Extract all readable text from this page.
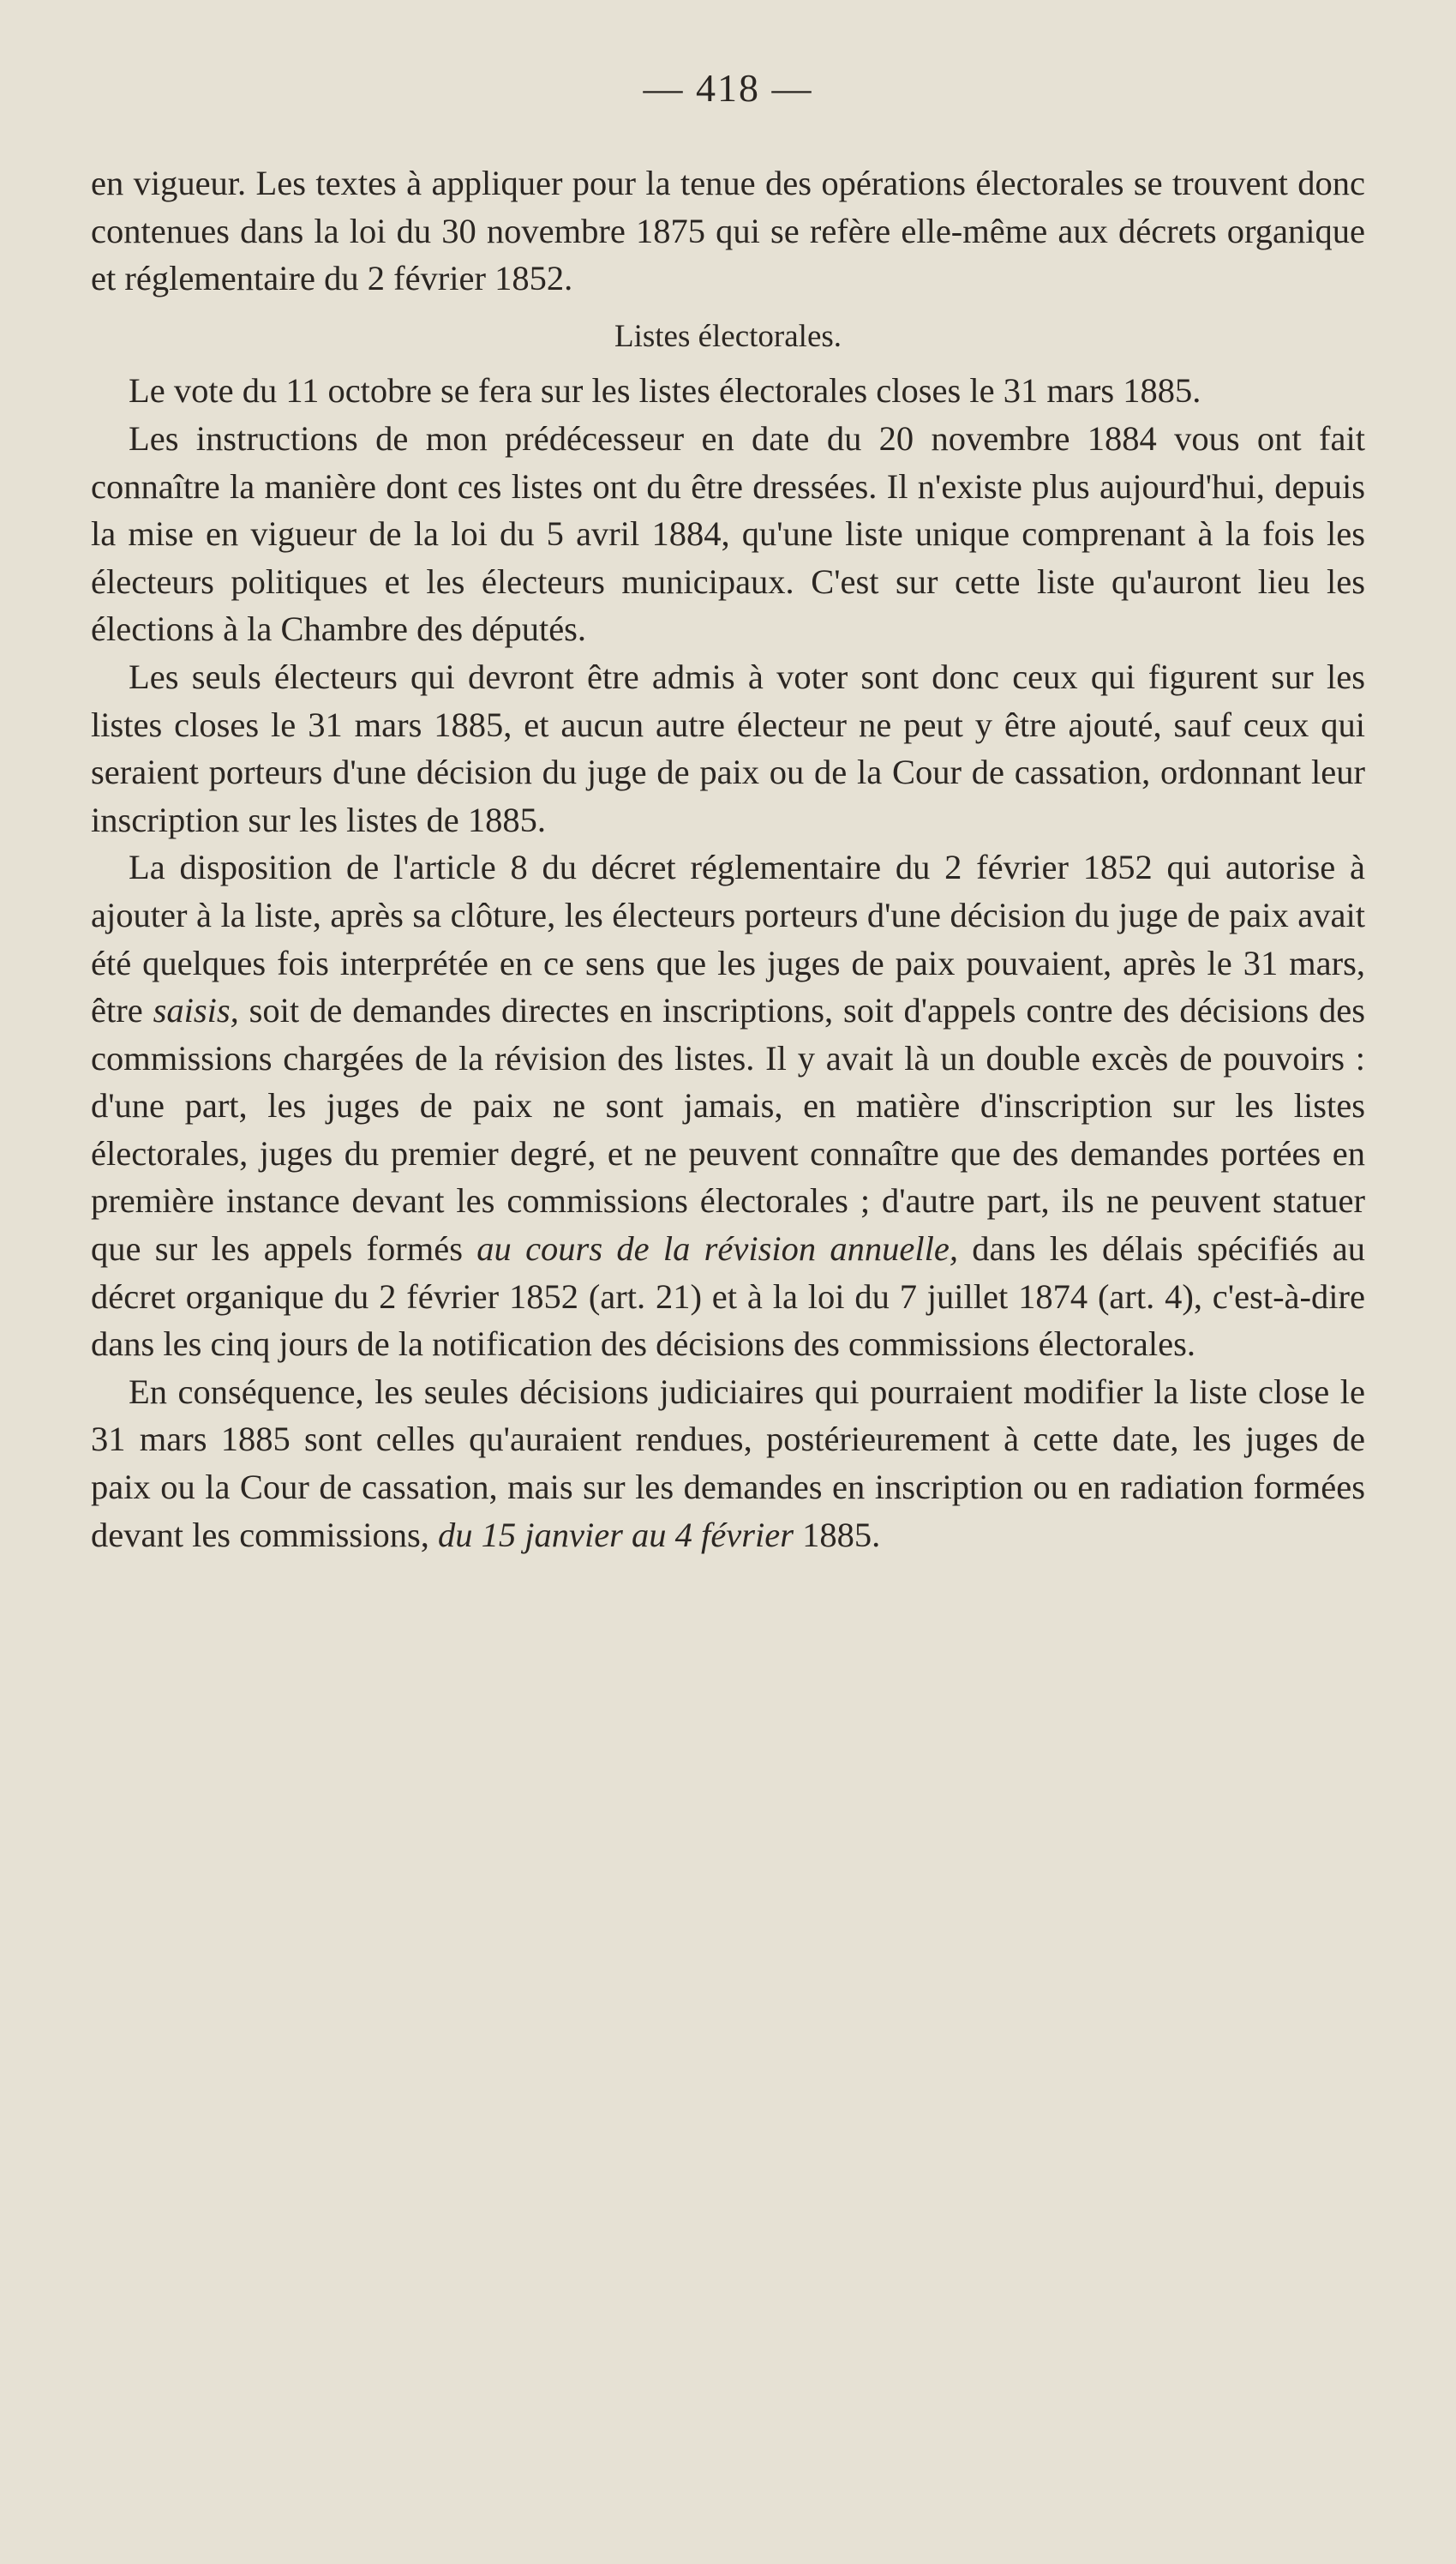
— 418 —

en vigueur. Les textes à appliquer pour la tenue des opérations électorales se trouvent donc contenues dans la loi du 30 novembre 1875 qui se refère elle-même aux décrets organique et réglementaire du 2 février 1852.

Listes électorales.

Le vote du 11 octobre se fera sur les listes électorales closes le 31 mars 1885.

Les instructions de mon prédécesseur en date du 20 novembre 1884 vous ont fait connaître la manière dont ces listes ont du être dressées. Il n'existe plus aujourd'hui, depuis la mise en vigueur de la loi du 5 avril 1884, qu'une liste unique comprenant à la fois les électeurs politiques et les électeurs municipaux. C'est sur cette liste qu'auront lieu les élections à la Chambre des députés.

Les seuls électeurs qui devront être admis à voter sont donc ceux qui figurent sur les listes closes le 31 mars 1885, et aucun autre électeur ne peut y être ajouté, sauf ceux qui seraient porteurs d'une décision du juge de paix ou de la Cour de cassation, ordonnant leur inscription sur les listes de 1885.

La disposition de l'article 8 du décret réglementaire du 2 février 1852 qui autorise à ajouter à la liste, après sa clôture, les électeurs porteurs d'une décision du juge de paix avait été quelques fois interprétée en ce sens que les juges de paix pouvaient, après le 31 mars, être saisis, soit de demandes directes en inscriptions, soit d'appels contre des décisions des commissions chargées de la révision des listes. Il y avait là un double excès de pouvoirs : d'une part, les juges de paix ne sont jamais, en matière d'inscription sur les listes électorales, juges du premier degré, et ne peuvent connaître que des demandes portées en première instance devant les commissions électorales ; d'autre part, ils ne peuvent statuer que sur les appels formés au cours de la révision annuelle, dans les délais spécifiés au décret organique du 2 février 1852 (art. 21) et à la loi du 7 juillet 1874 (art. 4), c'est-à-dire dans les cinq jours de la notification des décisions des commissions électorales.

En conséquence, les seules décisions judiciaires qui pourraient modifier la liste close le 31 mars 1885 sont celles qu'auraient rendues, postérieurement à cette date, les juges de paix ou la Cour de cassation, mais sur les demandes en inscription ou en radiation formées devant les commissions, du 15 janvier au 4 février 1885.
